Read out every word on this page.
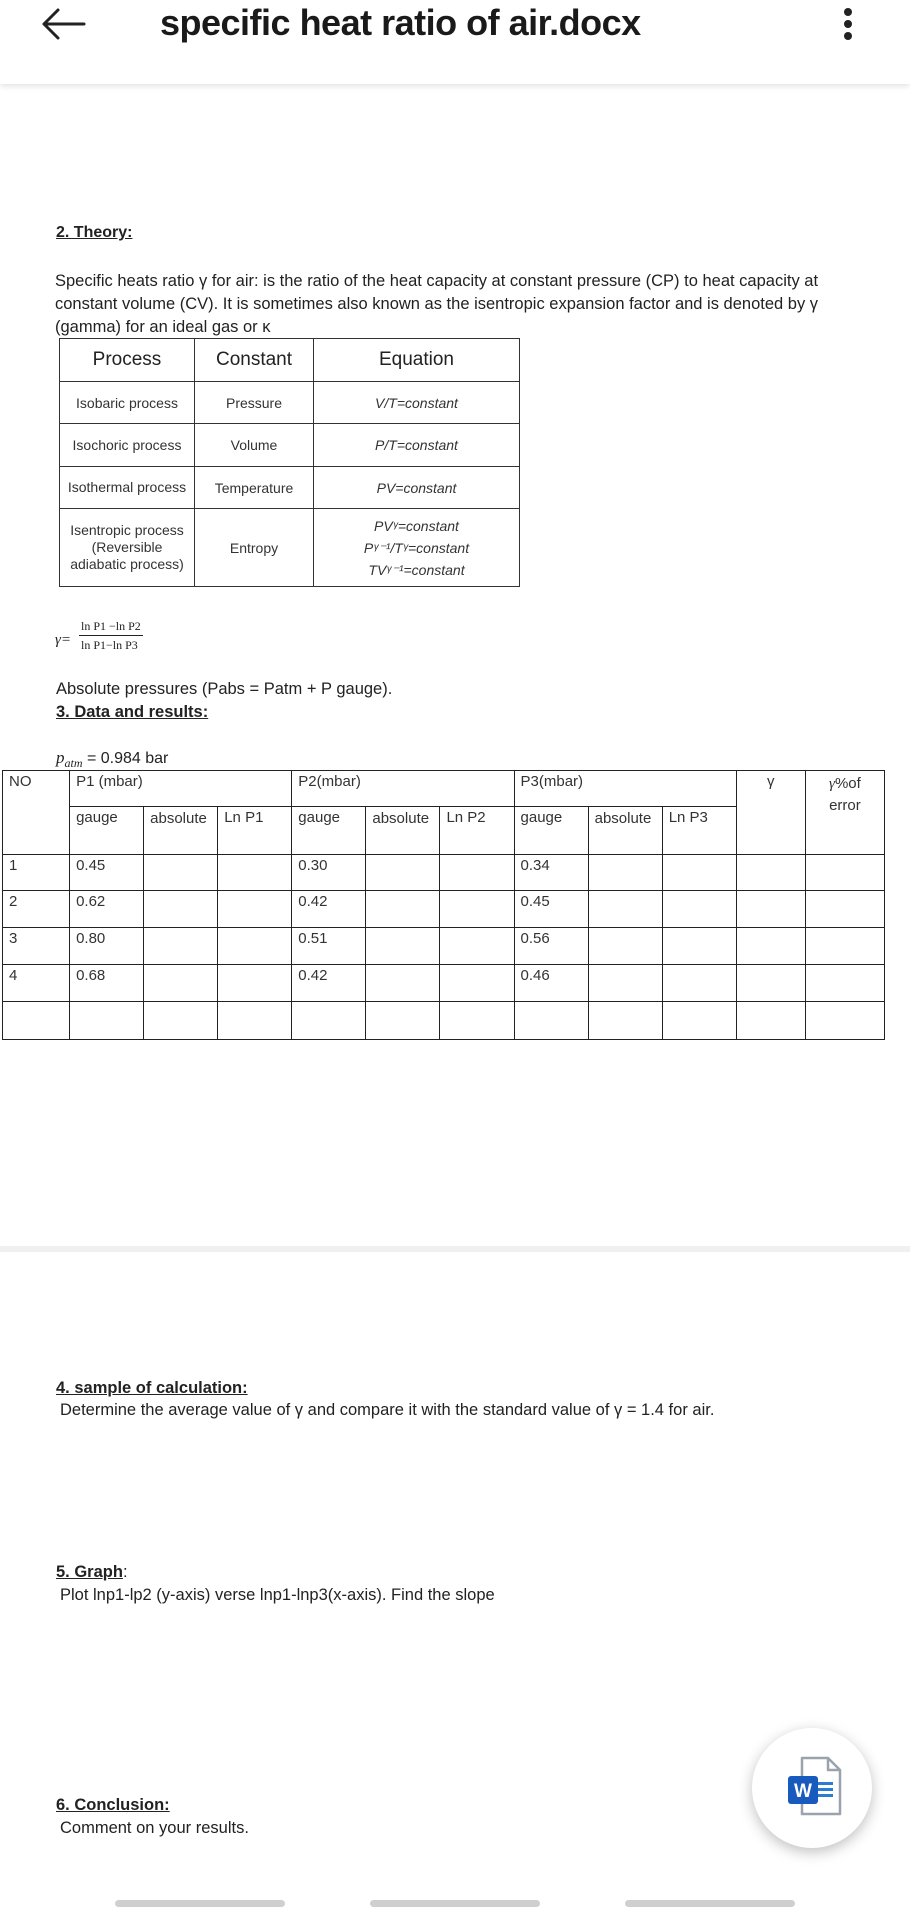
specific heat ratio of air.docx
2. Theory:
Specific heats ratio γ for air: is the ratio of the heat capacity at constant pressure (CP) to heat capacity at constant volume (CV). It is sometimes also known as the isentropic expansion factor and is denoted by γ (gamma) for an ideal gas or κ
Process	Constant	Equation
Isobaric process	Pressure	V/T=constant
Isochoric process	Volume	P/T=constant
Isothermal process	Temperature	PV=constant
Isentropic process (Reversible adiabatic process)	Entropy	PVᵞ=constant
Pᵞ⁻¹/Tᵞ=constant
TVᵞ⁻¹=constant
γ=
ln P1 −ln P2
ln P1−ln P3
Absolute pressures (Pabs = Patm + P gauge).
3. Data and results:
$p_{atm} = 0.984$ bar
NO	P1 (mbar)			P2(mbar)			P3(mbar)			γ	γ%of error
	gauge	absolute	Ln P1	gauge	absolute	Ln P2	gauge	absolute	Ln P3		
1	0.45			0.30			0.34				
2	0.62			0.42			0.45				
3	0.80			0.51			0.56				
4	0.68			0.42			0.46				

4. sample of calculation:
Determine the average value of γ and compare it with the standard value of γ = 1.4 for air.
5. Graph:
Plot lnp1-lp2 (y-axis) verse lnp1-lnp3(x-axis). Find the slope
6. Conclusion:
Comment on your results.
W
